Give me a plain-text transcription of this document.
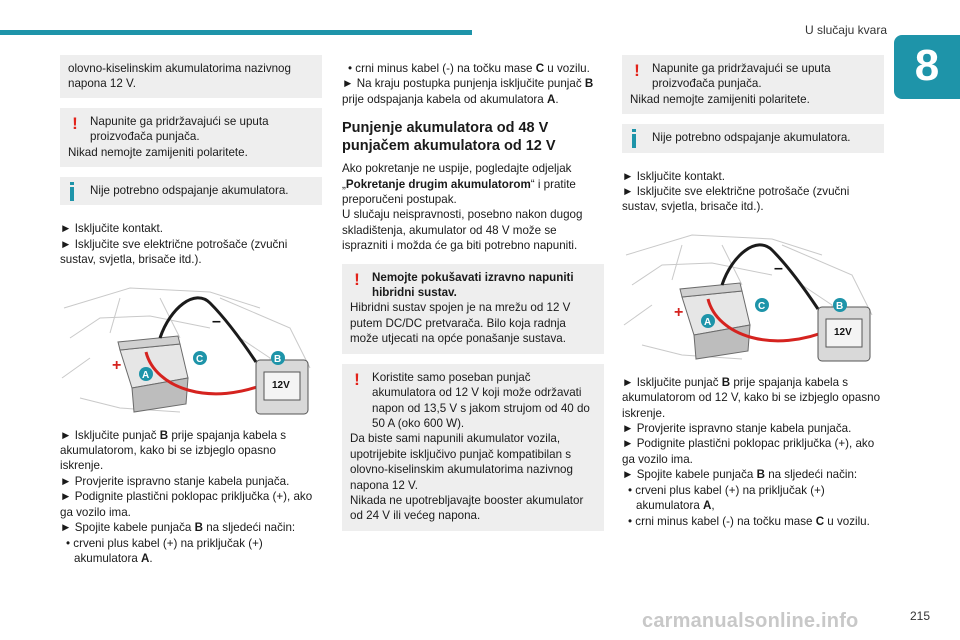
U slučaju kvara
8
olovno-kiselinskim akumulatorima nazivnog napona 12 V.
!	Napunite ga pridržavajući se uputa proizvođača punjača.
Nikad nemojte zamijeniti polaritete.
Nije potrebno odspajanje akumulatora.
► Isključite kontakt.
► Isključite sve električne potrošače (zvučni sustav, svjetla, brisače itd.).
12V
+
–
A
C	B
► Isključite punjač B prije spajanja kabela s akumulatorom, kako bi se izbjeglo opasno iskrenje.
► Provjerite ispravno stanje kabela punjača.
► Podignite plastični poklopac priključka (+), ako ga vozilo ima.
► Spojite kabele punjača B na sljedeći način:
• crveni plus kabel (+) na priključak (+) akumulatora A.
• crni minus kabel (-) na točku mase C u vozilu.
► Na kraju postupka punjenja isključite punjač B prije odspajanja kabela od akumulatora A.
Punjenje akumulatora od 48 V punjačem akumulatora od 12 V

Ako pokretanje ne uspije, pogledajte odjeljak „Pokretanje drugim akumulatorom“ i pratite preporučeni postupak.

U slučaju neispravnosti, posebno nakon dugog skladištenja, akumulator od 48 V može se isprazniti i možda će ga biti potrebno napuniti.

!	Nemojte pokušavati izravno napuniti hibridni sustav.
Hibridni sustav spojen je na mrežu od 12 V putem DC/DC pretvarača. Bilo koja radnja može utjecati na opće ponašanje sustava.
!	Koristite samo poseban punjač akumulatora od 12 V koji može održavati napon od 13,5 V s jakom strujom od 40 do 50 A (oko 600 W).
Da biste sami napunili akumulator vozila, upotrijebite isključivo punjač kompatibilan s olovno-kiselinskim akumulatorima nazivnog napona 12 V.
Nikada ne upotrebljavajte booster akumulator od 24 V ili većeg napona.
!	Napunite ga pridržavajući se uputa proizvođača punjača.
Nikad nemojte zamijeniti polaritete.
Nije potrebno odspajanje akumulatora.
► Isključite kontakt.
► Isključite sve električne potrošače (zvučni sustav, svjetla, brisače itd.).
12V
+
–
A
C	B
► Isključite punjač B prije spajanja kabela s akumulatorom od 12 V, kako bi se izbjeglo opasno iskrenje.
► Provjerite ispravno stanje kabela punjača.
► Podignite plastični poklopac priključka (+), ako ga vozilo ima.
► Spojite kabele punjača B na sljedeći način:
• crveni plus kabel (+) na priključak (+) akumulatora A,
• crni minus kabel (-) na točku mase C u vozilu.
215
carmanualsonline.info
